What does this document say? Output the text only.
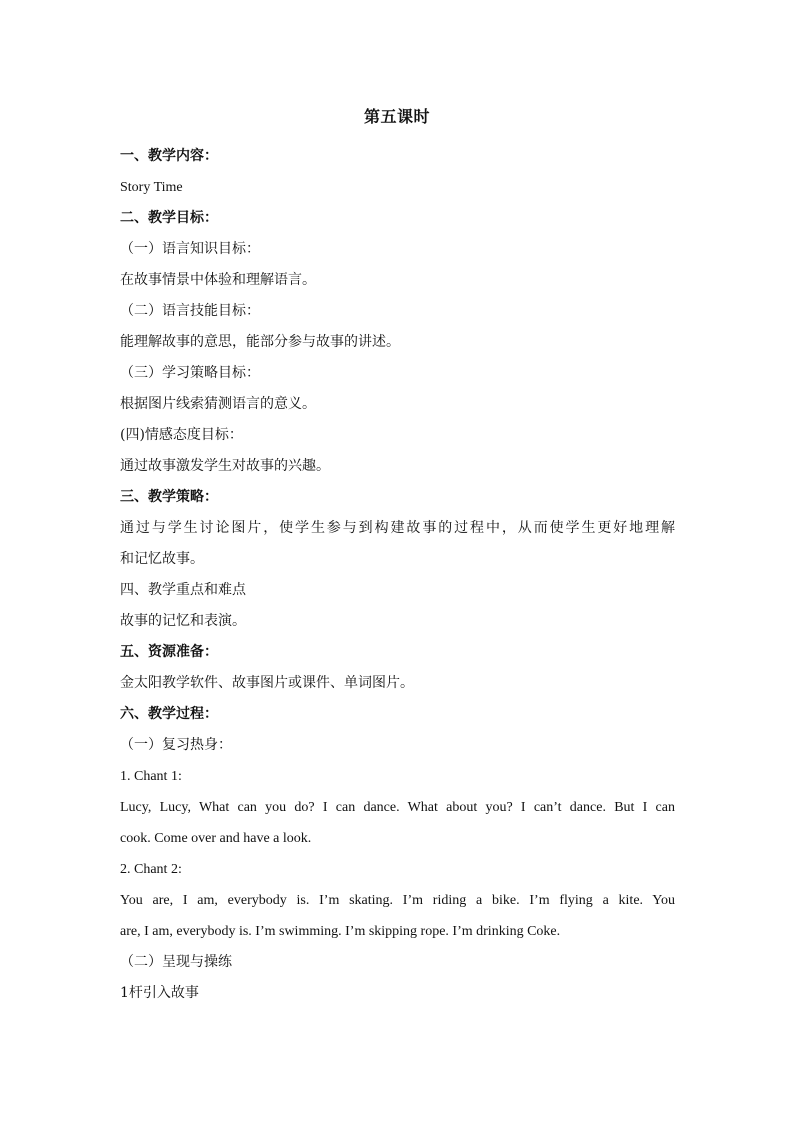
第五课时
一、教学内容：
Story Time
二、教学目标：
（一）语言知识目标：
在故事情景中体验和理解语言。
（二）语言技能目标：
能理解故事的意思，能部分参与故事的讲述。
（三）学习策略目标：
根据图片线索猜测语言的意义。
(四)情感态度目标：
通过故事激发学生对故事的兴趣。
三、教学策略：
通过与学生讨论图片，使学生参与到构建故事的过程中，从而使学生更好地理解
和记忆故事。
四、教学重点和难点
故事的记忆和表演。
五、资源准备：
金太阳教学软件、故事图片或课件、单词图片。
六、教学过程：
（一）复习热身：
1. Chant 1:
Lucy, Lucy, What can you do? I can dance. What about you? I can’t dance. But I can
cook. Come over and have a look.
2. Chant 2:
You are, I am, everybody is. I’m skating. I’m riding a bike. I’m flying a kite. You
are, I am, everybody is. I’m swimming. I’m skipping rope. I’m drinking Coke.
（二）呈现与操练
1杆引入故事
